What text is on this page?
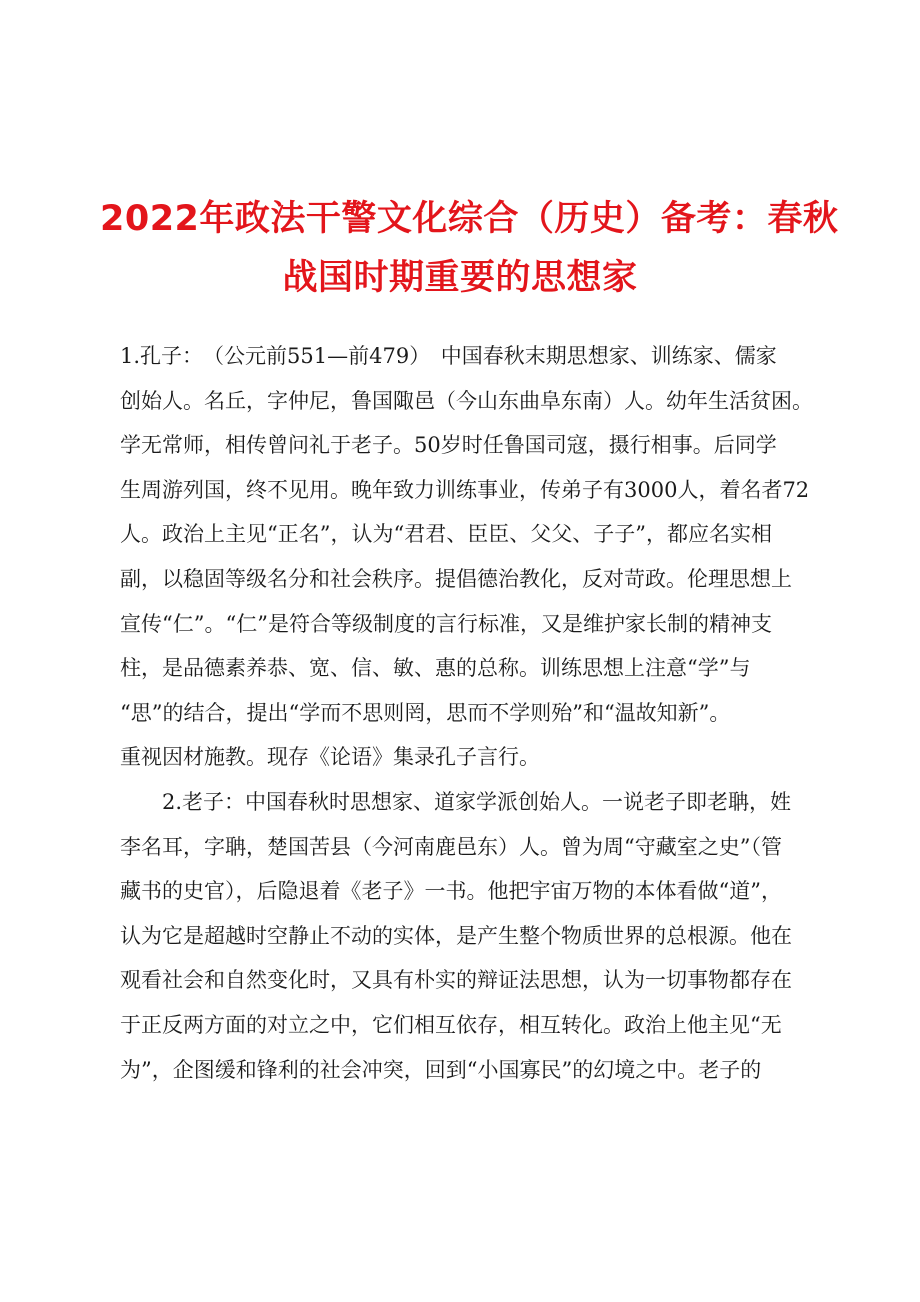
2022年政法干警文化综合（历史）备考：春秋
战国时期重要的思想家

1.孔子：　（公元前551—前479）　中国春秋末期思想家、训练家、儒家
创始人。名丘，字仲尼，鲁国陬邑（今山东曲阜东南）人。幼年生活贫困。
学无常师，相传曾问礼于老子。50岁时任鲁国司寇，摄行相事。后同学
生周游列国，终不见用。晚年致力训练事业，传弟子有3000人，着名者72
人。政治上主见“正名”，认为“君君、臣臣、父父、子子”，都应名实相
副，以稳固等级名分和社会秩序。提倡德治教化，反对苛政。伦理思想上
宣传“仁”。“仁”是符合等级制度的言行标准，又是维护家长制的精神支
柱，是品德素养恭、宽、信、敏、惠的总称。训练思想上注意“学”与
“思”的结合，提出“学而不思则罔，思而不学则殆”和“温故知新”。
重视因材施教。现存《论语》集录孔子言行。

2.老子：中国春秋时思想家、道家学派创始人。一说老子即老聃，姓
李名耳，字聃，楚国苦县（今河南鹿邑东）人。曾为周“守藏室之史”（管
藏书的史官），后隐退着《老子》一书。他把宇宙万物的本体看做“道”，
认为它是超越时空静止不动的实体，是产生整个物质世界的总根源。他在
观看社会和自然变化时，又具有朴实的辩证法思想，认为一切事物都存在
于正反两方面的对立之中，它们相互依存，相互转化。政治上他主见“无
为”，企图缓和锋利的社会冲突，回到“小国寡民”的幻境之中。老子的
